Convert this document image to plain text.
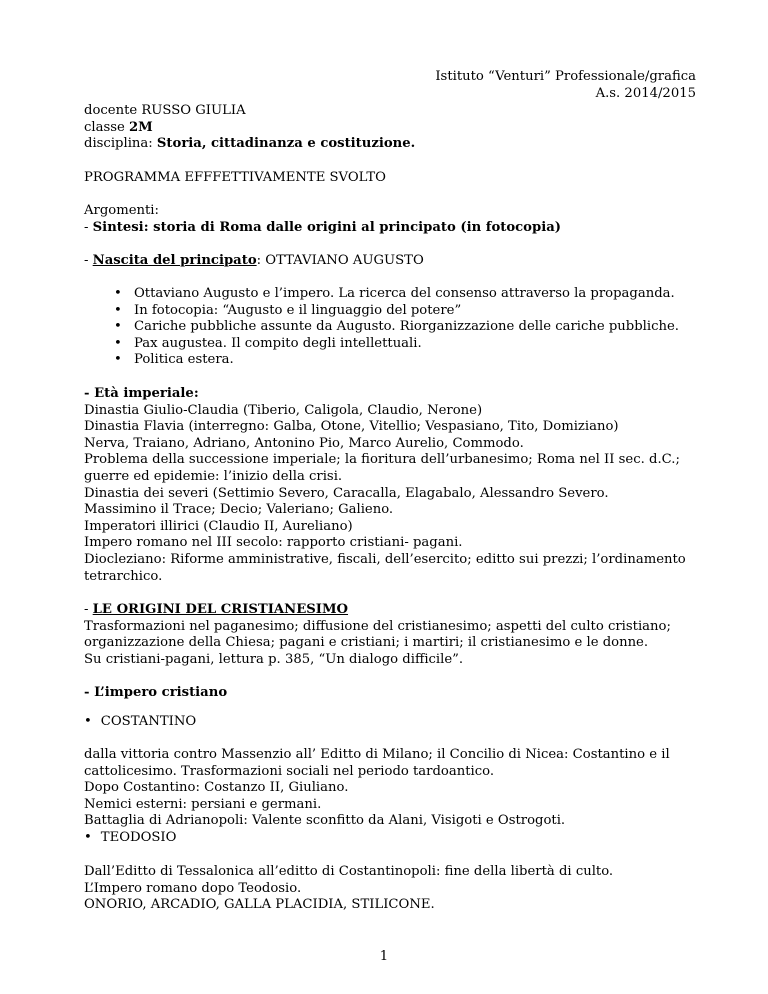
Istituto “Venturi” Professionale/grafica
A.s. 2014/2015
docente RUSSO GIULIA
classe 2M
disciplina: Storia, cittadinanza e costituzione.
PROGRAMMA EFFFETTIVAMENTE SVOLTO
Argomenti:
- Sintesi: storia di Roma dalle origini al principato (in fotocopia)
- Nascita del principato: OTTAVIANO AUGUSTO
• Ottaviano Augusto e l’impero. La ricerca del consenso attraverso la propaganda.
• In fotocopia: “Augusto e il linguaggio del potere”
• Cariche pubbliche assunte da Augusto. Riorganizzazione delle cariche pubbliche.
• Pax augustea. Il compito degli intellettuali.
• Politica estera.
- Età imperiale:
Dinastia Giulio-Claudia (Tiberio, Caligola, Claudio, Nerone)
Dinastia Flavia (interregno: Galba, Otone, Vitellio; Vespasiano, Tito, Domiziano)
Nerva, Traiano, Adriano, Antonino Pio, Marco Aurelio, Commodo.
Problema della successione imperiale; la fioritura dell’urbanesimo; Roma nel II sec. d.C.;
guerre ed epidemie: l’inizio della crisi.
Dinastia dei severi (Settimio Severo, Caracalla, Elagabalo, Alessandro Severo.
Massimino il Trace; Decio; Valeriano; Galieno.
Imperatori illirici (Claudio II, Aureliano)
Impero romano nel III secolo: rapporto cristiani- pagani.
Diocleziano: Riforme amministrative, fiscali, dell’esercito; editto sui prezzi; l’ordinamento
tetrarchico.
- LE ORIGINI DEL CRISTIANESIMO
Trasformazioni nel paganesimo; diffusione del cristianesimo; aspetti del culto cristiano;
organizzazione della Chiesa; pagani e cristiani; i martiri; il cristianesimo e le donne.
Su cristiani-pagani, lettura p. 385, “Un dialogo difficile”.
- L’impero cristiano
• COSTANTINO
dalla vittoria contro Massenzio all’ Editto di Milano; il Concilio di Nicea: Costantino e il
cattolicesimo. Trasformazioni sociali nel periodo tardoantico.
Dopo Costantino: Costanzo II, Giuliano.
Nemici esterni: persiani e germani.
Battaglia di Adrianopoli: Valente sconfitto da Alani, Visigoti e Ostrogoti.
• TEODOSIO
Dall’Editto di Tessalonica all’editto di Costantinopoli: fine della libertà di culto.
L’Impero romano dopo Teodosio.
ONORIO, ARCADIO, GALLA PLACIDIA, STILICONE.
1
